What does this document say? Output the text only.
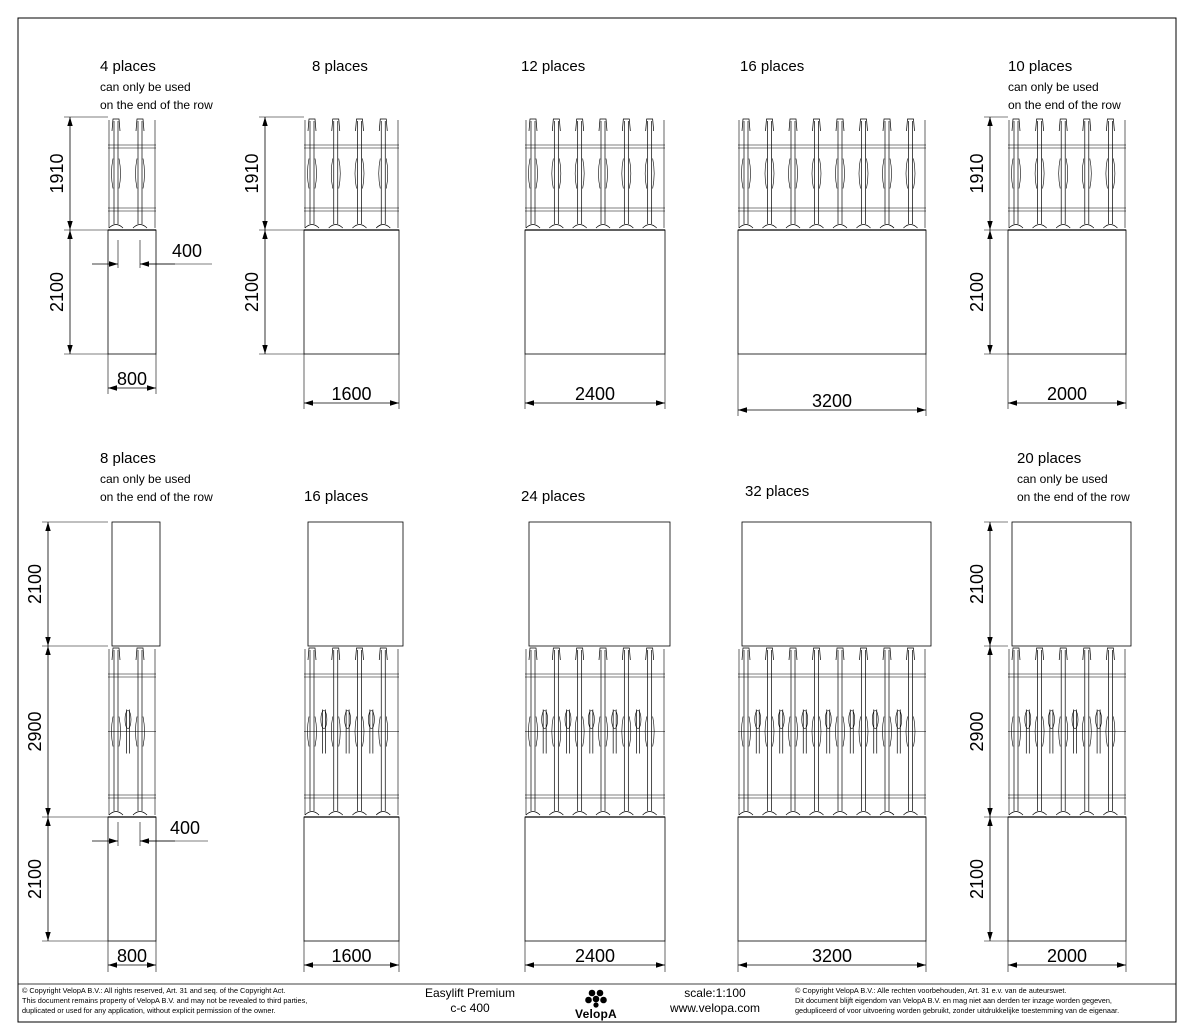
4 places
can only be used
on the end of the row
800
1910
2100
400
8 places
1600
1910
2100
12 places
2400
16 places
3200
10 places
can only be used
on the end of the row
2000
1910
2100
8 places
can only be used
on the end of the row
800
2100
2900
2100
400
16 places
1600
24 places
2400
32 places
3200
20 places
can only be used
on the end of the row
2000
2100
2900
2100
© Copyright VelopA B.V.: All rights reserved, Art. 31 and seq. of the Copyright Act.
This document remains property of VelopA B.V. and may not be revealed to third parties,
duplicated or used for any application, without explicit permission of the owner.
Easylift Premium
c-c 400	VelopA
scale:1:100
www.velopa.com
© Copyright VelopA B.V.: Alle rechten voorbehouden, Art. 31 e.v. van de auteurswet.
Dit document blijft eigendom van VelopA B.V. en mag niet aan derden ter inzage worden gegeven,
gedupliceerd of voor uitvoering worden gebruikt, zonder uitdrukkelijke toestemming van de eigenaar.
